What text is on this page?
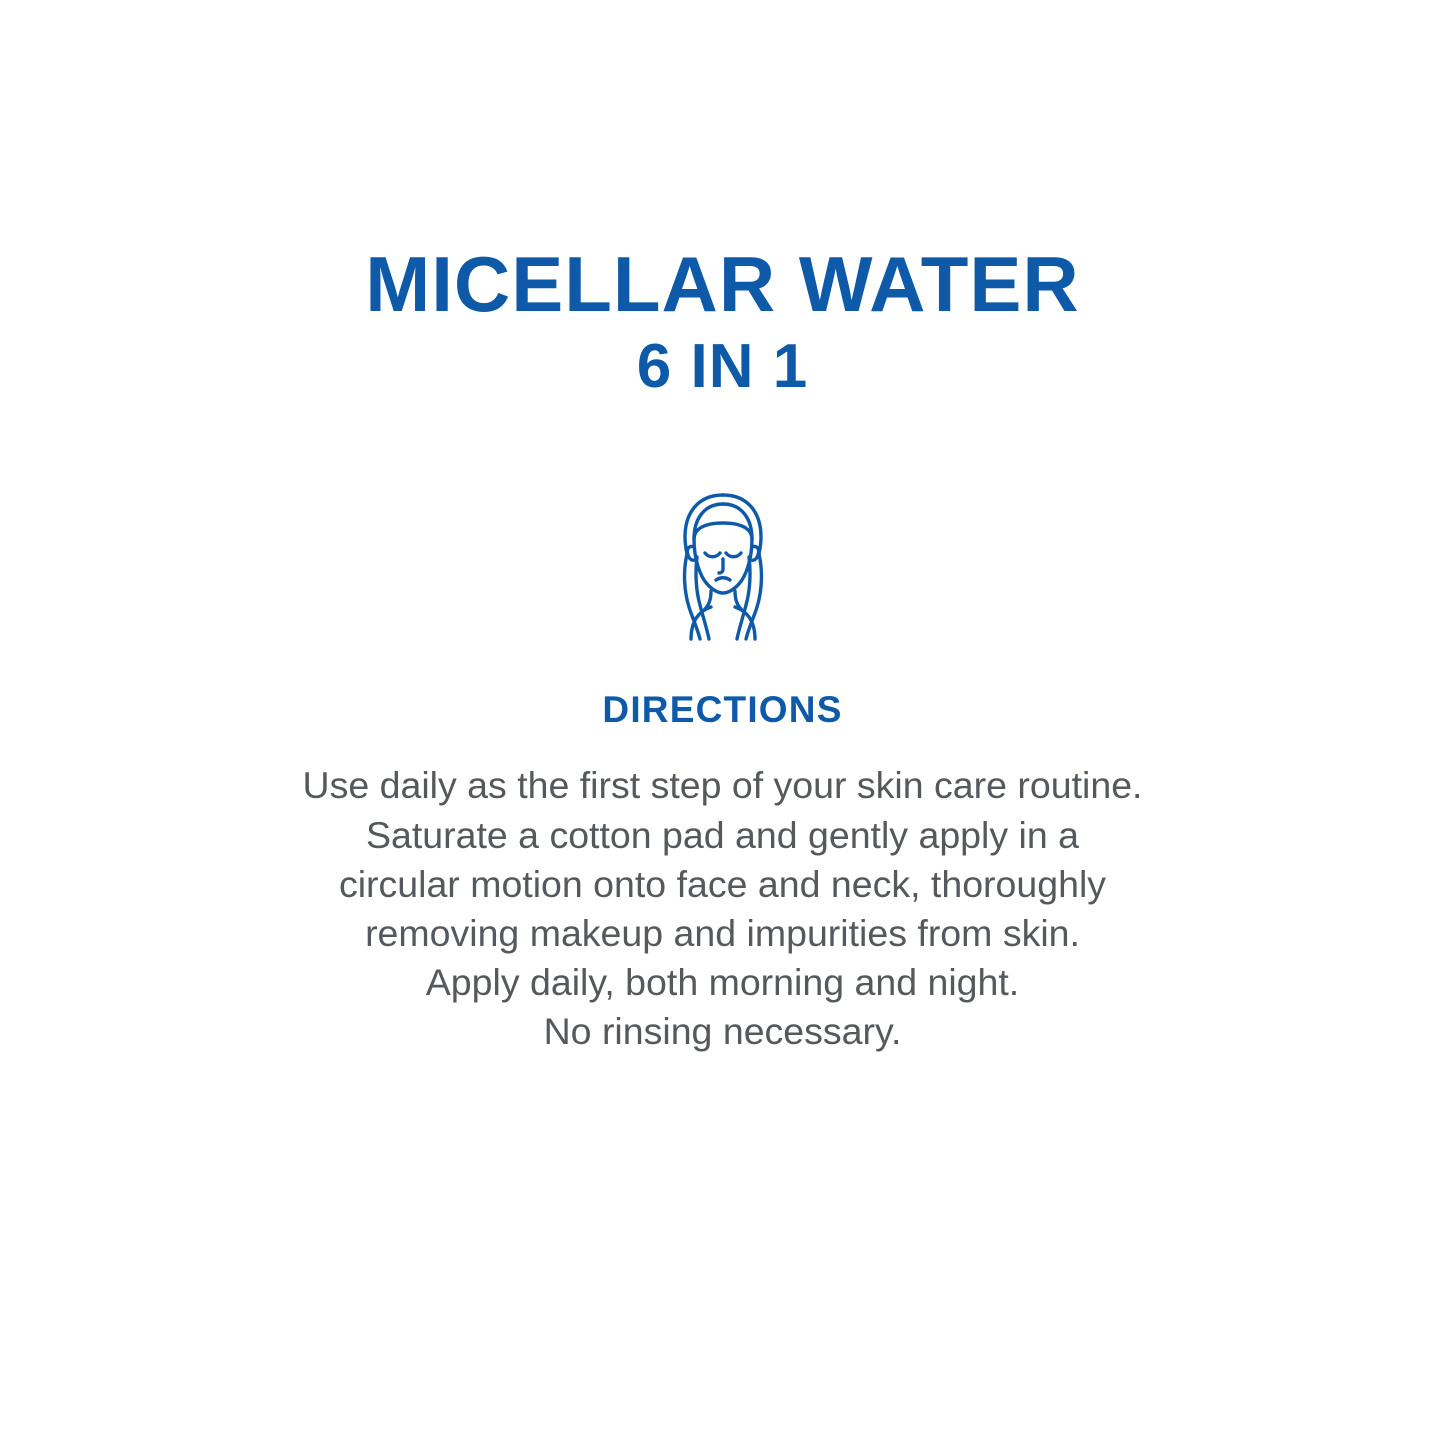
MICELLAR WATER
6 IN 1
DIRECTIONS
Use daily as the first step of your skin care routine.
Saturate a cotton pad and gently apply in a
circular motion onto face and neck, thoroughly
removing makeup and impurities from skin.
Apply daily, both morning and night.
No rinsing necessary.
